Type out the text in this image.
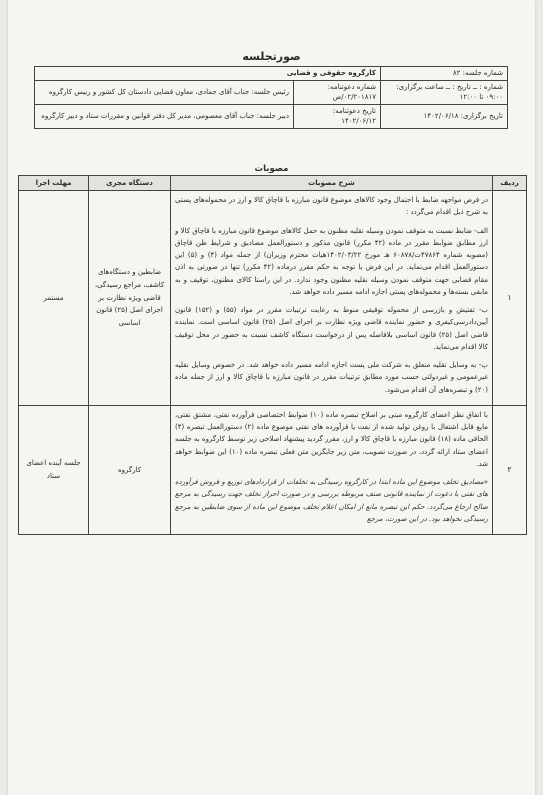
صورتجلسه
شماره جلسه: ۸۲	کارگروه حقوقی و قضایی	
شماره : ــ تاریخ : ــ ساعت برگزاری: ۰۹:۰۰ تا ۱۲:۰۰	شماره دعوتنامه: ۰۲/۲۰۱۸۱۷/ص	رئیس جلسه: جناب آقای جمادی، معاون قضایی دادستان کل کشور و رییس کارگروه
تاریخ برگزاری: ۱۴۰۲/۰۶/۱۸	تاریخ دعوتنامه: ۱۴۰۲/۰۶/۱۲	دبیر جلسه: جناب آقای معصومی، مدیر کل دفتر قوانین و مقررات ستاد و دبیر کارگروه
مصوبات
ردیف	شرح مصوبات	دستگاه مجری	مهلت اجرا
۱	در فرض مواجهه ضابط با احتمال وجود کالاهای موضوع قانون مبارزه با قاچاق کالا و ارز در محموله‌های پستی به شرح ذیل اقدام می‌گردد :

الف- ضابط نسبت به متوقف نمودن وسیله نقلیه مظنون به حمل کالاهای موضوع قانون مبارزه با قاچاق کالا و ارز مطابق ضوابط مقرر در ماده (۴۲ مکرر) قانون مذکور و دستورالعمل مصادیق و شرایط ظن قاچاق (مصوبه شماره ۴۷۸۶۴ت/۶۰۸۷۸ هـ مورخ ۱۴۰۲/۰۳/۲۲هیات محترم وزیران) از جمله مواد (۴) و (۵) این دستورالعمل اقدام می‌نماید. در این فرض با توجه به حکم مقرر درماده (۴۲ مکرر) تنها در صورتی به اذن مقام قضایی جهت متوقف نمودن وسیله نقلیه مظنون وجود ندارد. در این راستا کالای مظنون، توقیف و به مابقی بسته‌ها و محموله‌های پستی اجازه ادامه مسیر داده خواهد شد.

ب- تفتیش و بازرسی از محموله توقیفی منوط به رعایت ترتیبات مقرر در مواد (۵۵) و (۱۵۲) قانون آیین‌دادرسی‌کیفری و حضور نماینده قاضی ویژه نظارت بر اجرای اصل (۲۵) قانون اساسی است. نماینده قاضی اصل (۲۵) قانون اساسی بلافاصله پس از درخواست دستگاه کاشف نسبت به حضور در محل توقیف کالا اقدام می‌نماید.

پ- به وسایل نقلیه متعلق به شرکت ملی پست اجازه ادامه مسیر داده خواهد شد. در خصوص وسایل نقلیه غیرعمومی و غیردولتی حسب مورد مطابق ترتیبات مقرر در قانون مبارزه با قاچاق کالا و ارز از جمله ماده (۲۰) و تبصره‌های آن اقدام می‌شود.	ضابطین و دستگاه‌های کاشف، مراجع رسیدگی، قاضی ویژه نظارت بر اجرای اصل (۲۵) قانون اساسی	مستمر
۲	با اتفاق نظر اعضای کارگروه مبنی بر اصلاح تبصره ماده (۱۰) ضوابط اختصاصی فرآورده نفتی، مشتق نفتی، مایع قابل اشتعال با روغن تولید شده از نفت یا فرآورده های نفتی موضوع ماده (۲) دستورالعمل تبصره (۴) الحاقی ماده (۱۸) قانون مبارزه با قاچاق کالا و ارز، مقرر گردید پیشنهاد اصلاحی زیر توسط کارگروه به جلسه اعضای ستاد ارائه گردد، در صورت تصویب، متن زیر جایگزین متن فعلی تبصره ماده (۱۰) این ضوابط خواهد شد.

«مصادیق تخلف موضوع این ماده ابتدا در کارگروه رسیدگی به تخلفات از قراردادهای توزیع و فروش فرآورده های نفتی با دعوت از نماینده قانونی صنف مربوطه بررسی و در صورت احراز تخلف جهت رسیدگی به مرجع صالح ارجاع می‌گردد. حکم این تبصره مانع از امکان اعلام تخلف موضوع این ماده از سوی ضابطین به مرجع رسیدگی نخواهد بود. در این صورت، مرجع	کارگروه	جلسه آینده اعضای ستاد
